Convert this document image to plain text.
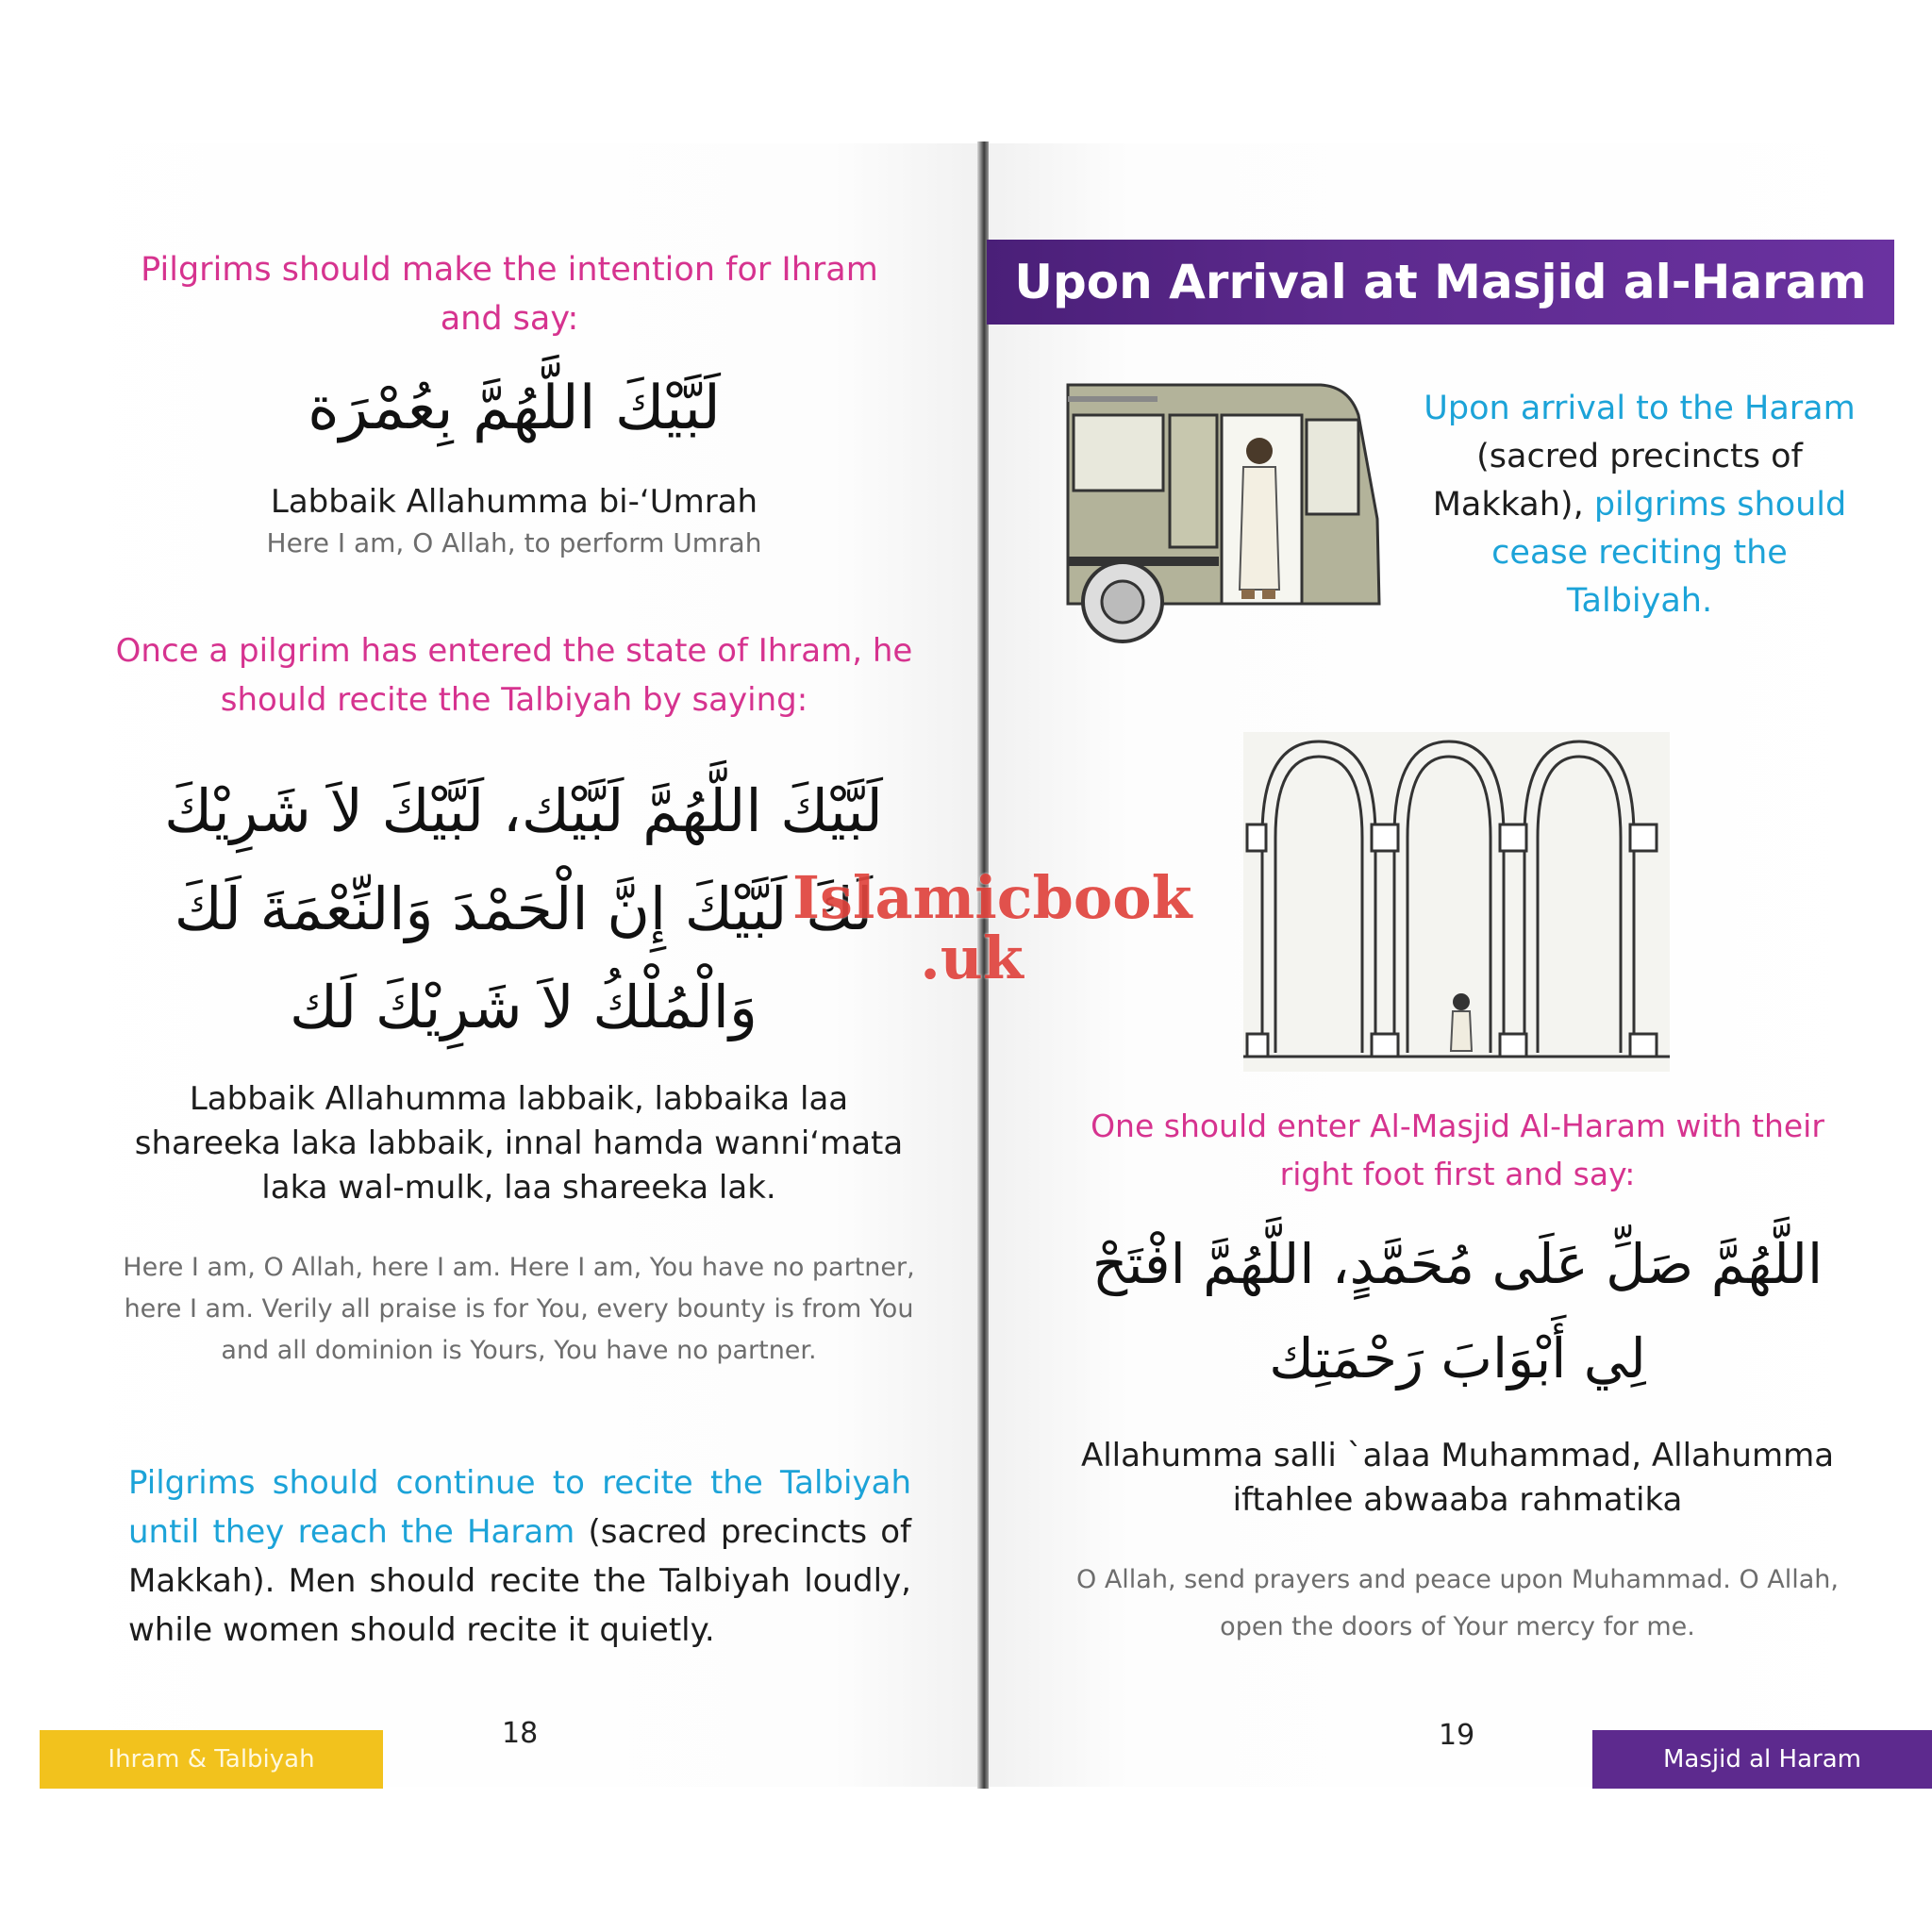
Pilgrims should make the intention for Ihram and say:
لَبَّيْكَ اللَّهُمَّ بِعُمْرَة
Labbaik Allahumma bi-‘Umrah
Here I am, O Allah, to perform Umrah
Once a pilgrim has entered the state of Ihram, he should recite the Talbiyah by saying:
لَبَّيْكَ اللَّهُمَّ لَبَّيْك، لَبَّيْكَ لاَ شَرِيْكَ لَكَ لَبَّيْكَ إِنَّ الْحَمْدَ وَالنِّعْمَةَ لَكَ وَالْمُلْكُ لاَ شَرِيْكَ لَك
Labbaik Allahumma labbaik, labbaika laa shareeka laka labbaik, innal hamda wanni‘mata laka wal-mulk, laa shareeka lak.
Here I am, O Allah, here I am. Here I am, You have no partner, here I am. Verily all praise is for You, every bounty is from You and all dominion is Yours, You have no partner.
Pilgrims should continue to recite the Talbiyah until they reach the Haram (sacred precincts of Makkah). Men should recite the Talbiyah loudly, while women should recite it quietly.
Ihram & Talbiyah
18
Upon Arrival at Masjid al-Haram
Upon arrival to the Haram (sacred precincts of Makkah), pilgrims should cease reciting the Talbiyah.
One should enter Al-Masjid Al-Haram with their right foot first and say:
اللَّهُمَّ صَلِّ عَلَى مُحَمَّدٍ، اللَّهُمَّ افْتَحْ لِي أَبْوَابَ رَحْمَتِك
Allahumma salli `alaa Muhammad, Allahumma iftahlee abwaaba rahmatika
O Allah, send prayers and peace upon Muhammad. O Allah, open the doors of Your mercy for me.
19
Masjid al Haram
Islamicbook
.uk
